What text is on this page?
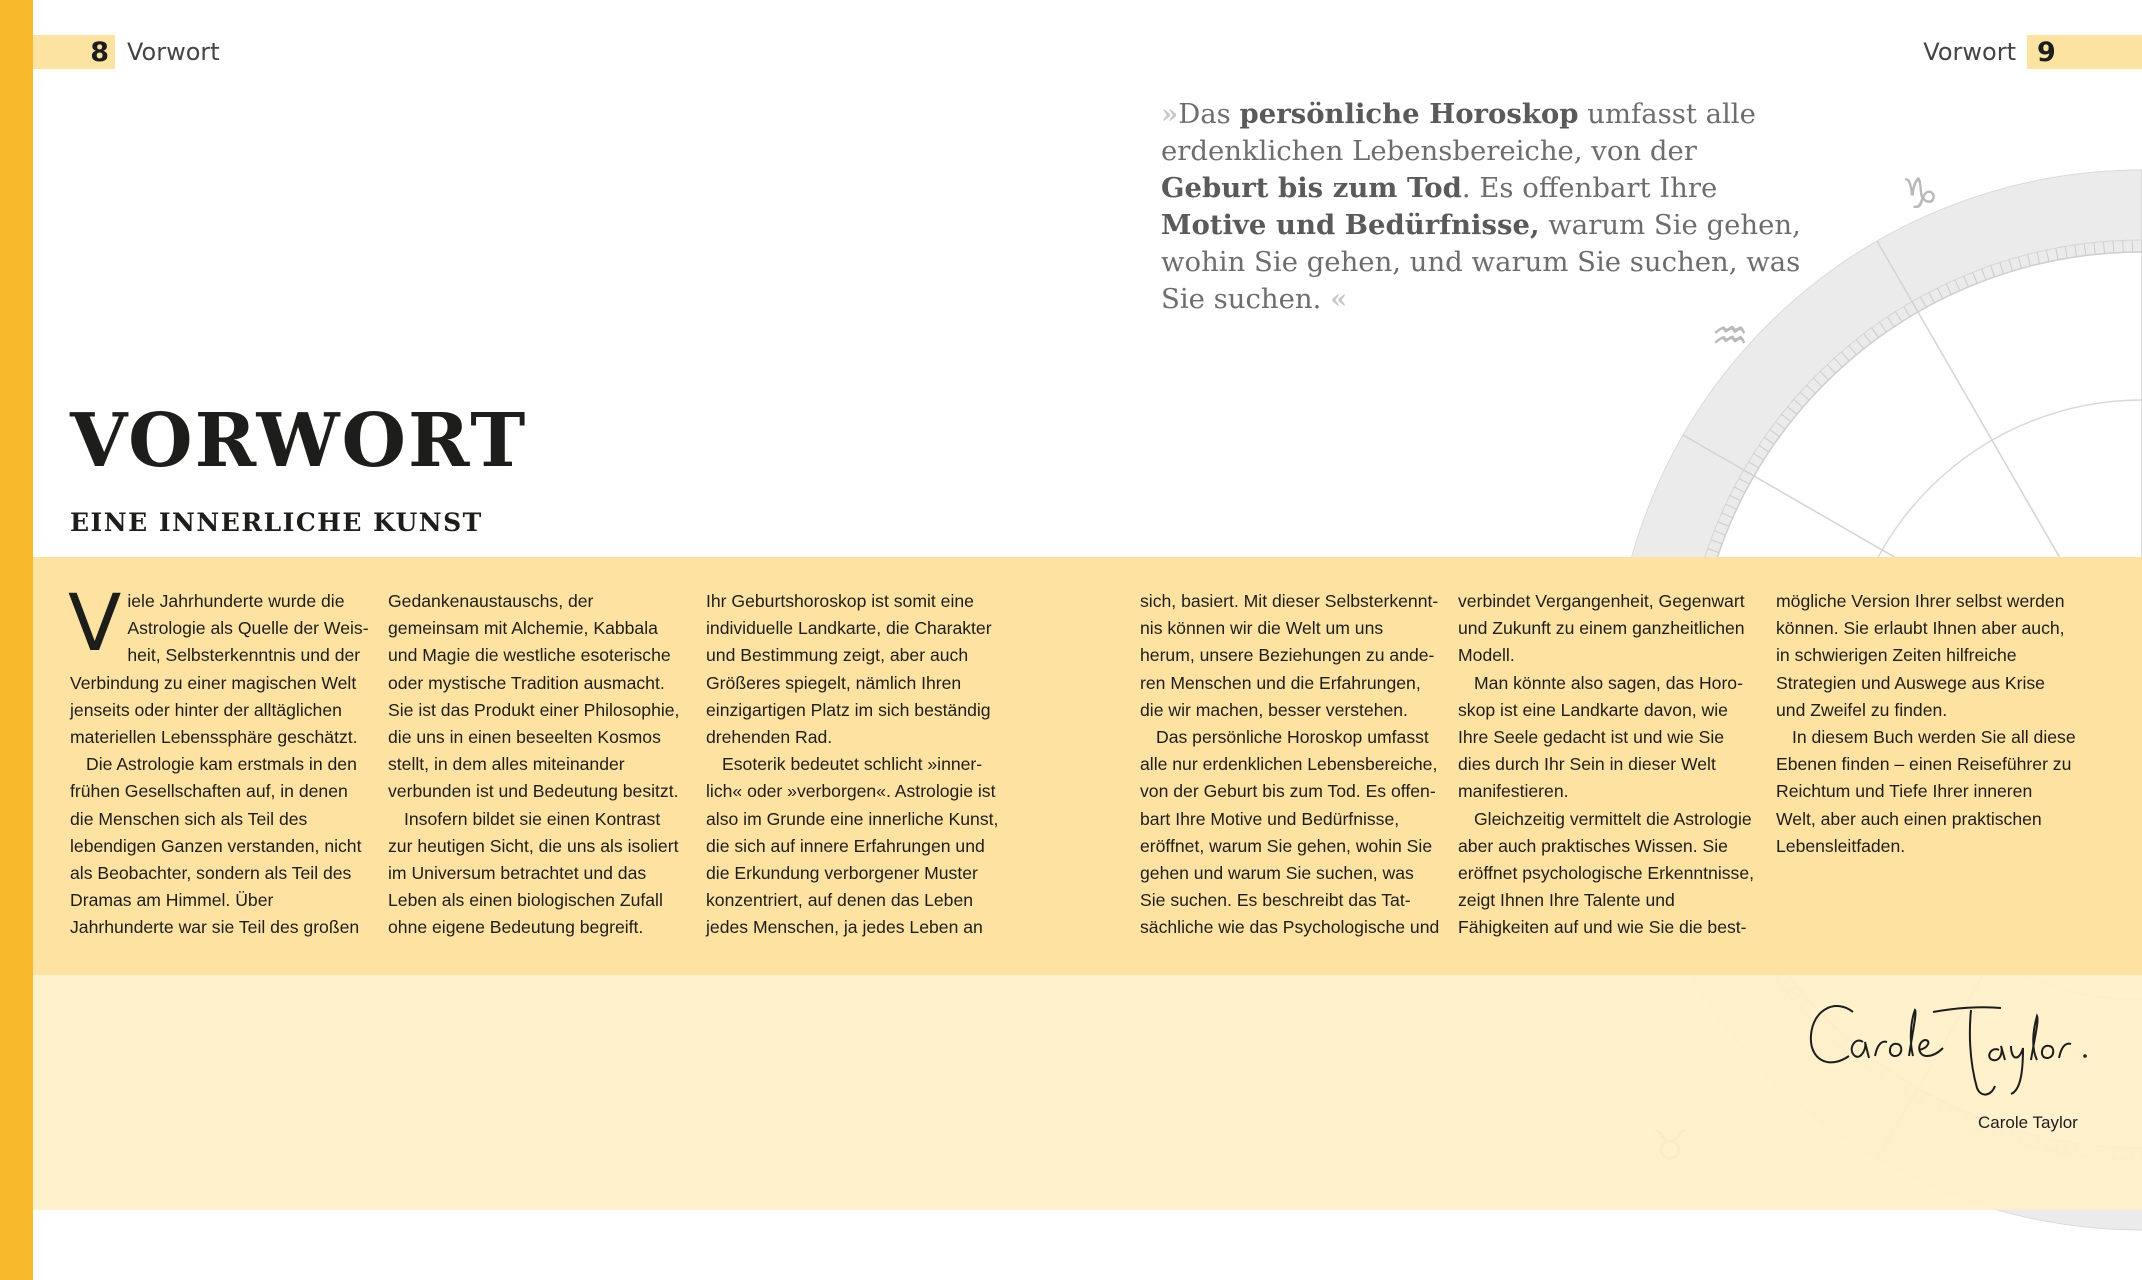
♑
♒
8 Vorwort	Vorwort 9
»Das persönliche Horoskop umfasst alle erdenklichen Lebensbereiche, von der Geburt bis zum Tod. Es offenbart Ihre Motive und Bedürfnisse, warum Sie gehen, wohin Sie gehen, und warum Sie suchen, was Sie suchen. «
VORWORT
EINE INNERLICHE KUNST

Viele Jahrhunderte wurde die Astrologie als Quelle der Weisheit, Selbsterkenntnis und der Verbindung zu einer magischen Welt jenseits oder hinter der alltäglichen materiellen Lebenssphäre geschätzt.

Die Astrologie kam erstmals in den frühen Gesellschaften auf, in denen die Menschen sich als Teil des lebendigen Ganzen verstanden, nicht als Beobachter, sondern als Teil des Dramas am Himmel. Über Jahrhunderte war sie Teil des großen

Gedankenaustauschs, der gemeinsam mit Alchemie, Kabbala und Magie die westliche esoterische oder mystische Tradition ausmacht. Sie ist das Produkt einer Philosophie, die uns in einen beseelten Kosmos stellt, in dem alles miteinander verbunden ist und Bedeutung besitzt.

Insofern bildet sie einen Kontrast zur heutigen Sicht, die uns als isoliert im Universum betrachtet und das Leben als einen biologischen Zufall ohne eigene Bedeutung begreift.

Ihr Geburtshoroskop ist somit eine individuelle Landkarte, die Charakter und Bestimmung zeigt, aber auch Größeres spiegelt, nämlich Ihren einzigartigen Platz im sich beständig drehenden Rad.

Esoterik bedeutet schlicht »innerlich« oder »verborgen«. Astrologie ist also im Grunde eine innerliche Kunst, die sich auf innere Erfahrungen und die Erkundung verborgener Muster konzentriert, auf denen das Leben jedes Menschen, ja jedes Leben an

sich, basiert. Mit dieser Selbsterkenntnis können wir die Welt um uns herum, unsere Beziehungen zu anderen Menschen und die Erfahrungen, die wir machen, besser verstehen.

Das persönliche Horoskop umfasst alle nur erdenklichen Lebensbereiche, von der Geburt bis zum Tod. Es offenbart Ihre Motive und Bedürfnisse, eröffnet, warum Sie gehen, wohin Sie gehen und warum Sie suchen, was Sie suchen. Es beschreibt das Tatsächliche wie das Psychologische und

verbindet Vergangenheit, Gegenwart und Zukunft zu einem ganzheitlichen Modell.

Man könnte also sagen, das Horoskop ist eine Landkarte davon, wie Ihre Seele gedacht ist und wie Sie dies durch Ihr Sein in dieser Welt manifestieren.

Gleichzeitig vermittelt die Astrologie aber auch praktisches Wissen. Sie eröffnet psychologische Erkenntnisse, zeigt Ihnen Ihre Talente und Fähigkeiten auf und wie Sie die best-

mögliche Version Ihrer selbst werden können. Sie erlaubt Ihnen aber auch, in schwierigen Zeiten hilfreiche Strategien und Auswege aus Krise und Zweifel zu finden.

In diesem Buch werden Sie all diese Ebenen finden – einen Reiseführer zu Reichtum und Tiefe Ihrer inneren Welt, aber auch einen praktischen Lebensleitfaden.

Carole Taylor
